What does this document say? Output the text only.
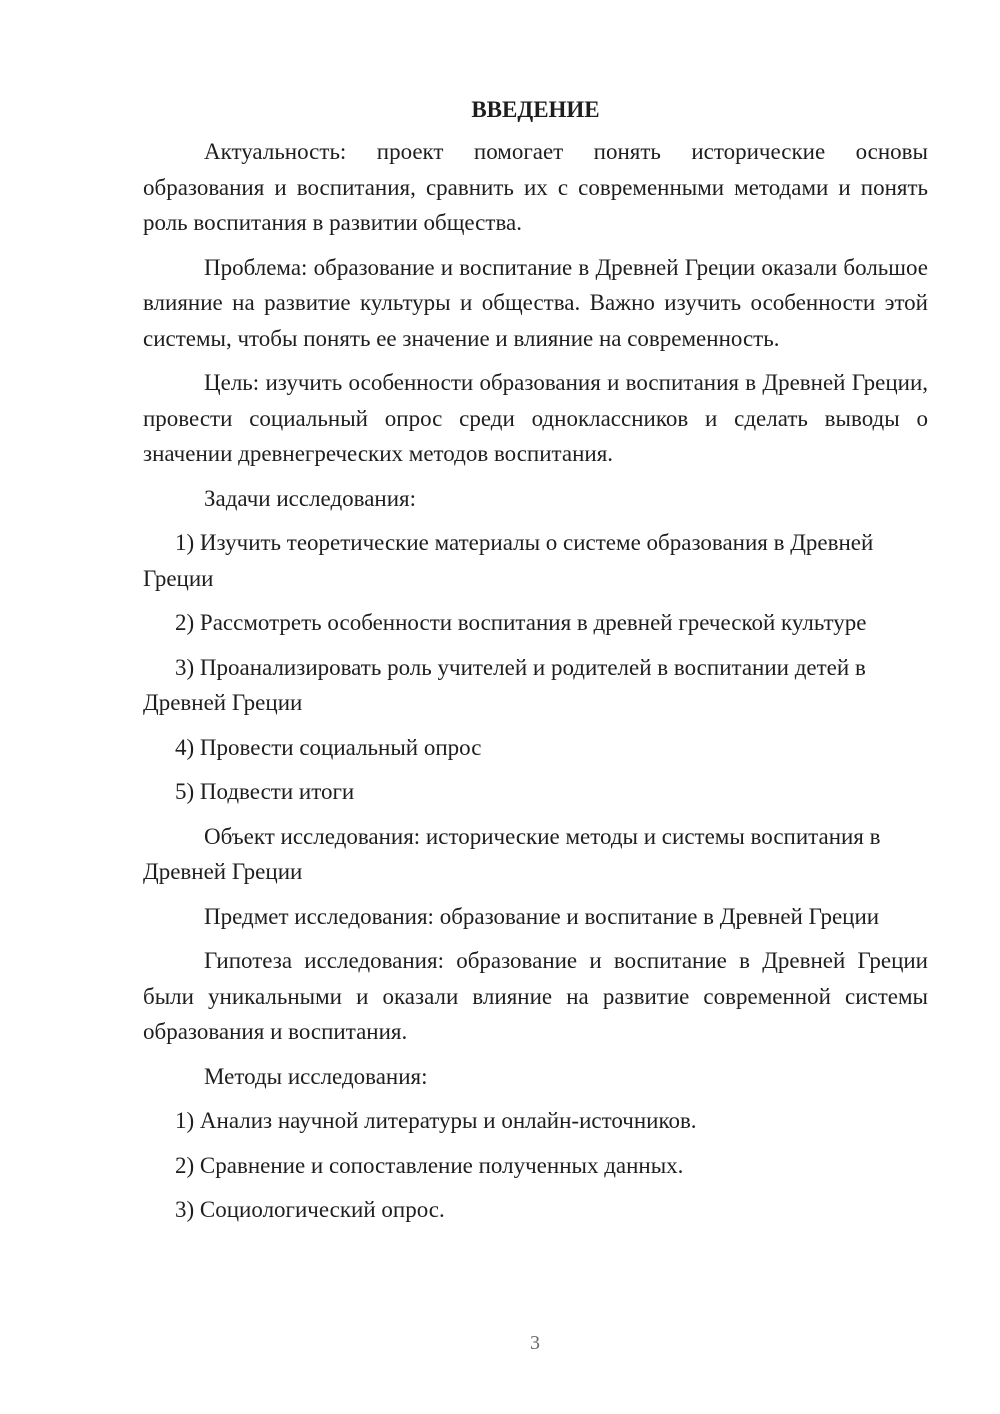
ВВЕДЕНИЕ

Актуальность: проект помогает понять исторические основы образования и воспитания, сравнить их с современными методами и понять роль воспитания в развитии общества.

Проблема: образование и воспитание в Древней Греции оказали большое влияние на развитие культуры и общества. Важно изучить особенности этой системы, чтобы понять ее значение и влияние на современность.

Цель: изучить особенности образования и воспитания в Древней Греции, провести социальный опрос среди одноклассников и сделать выводы о значении древнегреческих методов воспитания.

Задачи исследования:

1) Изучить теоретические материалы о системе образования в Древней Греции

2) Рассмотреть особенности воспитания в древней греческой культуре

3) Проанализировать роль учителей и родителей в воспитании детей в Древней Греции

4) Провести социальный опрос

5) Подвести итоги

Объект исследования: исторические методы и системы воспитания в Древней Греции

Предмет исследования: образование и воспитание в Древней Греции

Гипотеза исследования: образование и воспитание в Древней Греции были уникальными и оказали влияние на развитие современной системы образования и воспитания.

Методы исследования:

1) Анализ научной литературы и онлайн-источников.

2) Сравнение и сопоставление полученных данных.

3) Социологический опрос.

3
